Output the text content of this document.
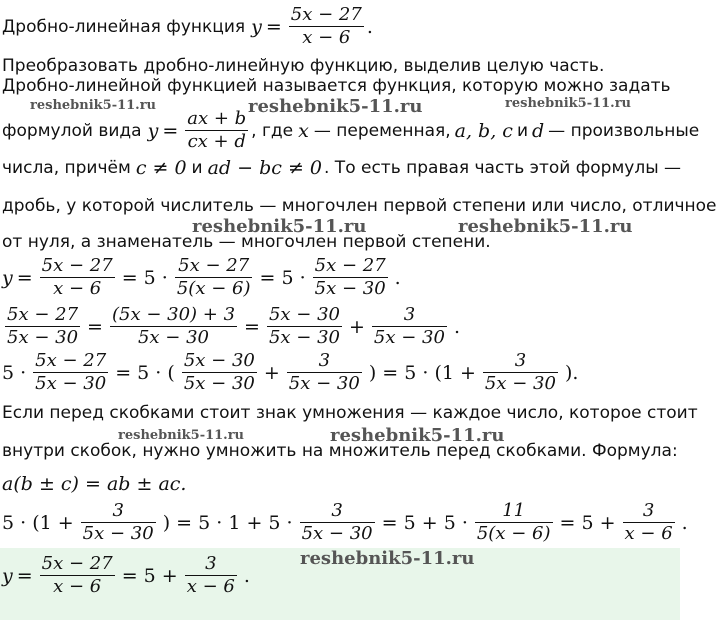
Дробно-линейная функция $y = \frac{5x - 27}{x - 6}$ .
Преобразовать дробно-линейную функцию, выделив целую часть.
Дробно-линейной функцией называется функция, которую можно задать
формулой вида $y = \frac{ax + b}{cx + d}$ , где x — переменная, a, b, c и d — произвольные
числа, причём c ≠ 0 и ad − bc ≠ 0 . То есть правая часть этой формулы —
дробь, у которой числитель — многочлен первой степени или число, отличное
от нуля, а знаменатель — многочлен первой степени.
$y = \frac{5x - 27}{x - 6} = 5 \cdot \frac{5x - 27}{5(x - 6)} = 5 \cdot \frac{5x - 27}{5x - 30}$ .
$\frac{5x - 27}{5x - 30} = \frac{(5x - 30) + 3}{5x - 30} = \frac{5x - 30}{5x - 30} + \frac{3}{5x - 30}$ .
$5 \cdot \frac{5x - 27}{5x - 30} = 5$ · ( $\frac{5x - 30}{5x - 30} + \frac{3}{5x - 30}$ ) = $5 \cdot (1 + \frac{3}{5x - 30}$ ).
Если перед скобками стоит знак умножения — каждое число, которое стоит
внутри скобок, нужно умножить на множитель перед скобками. Формула:
a(b ± c) = ab ± ac.
$5 \cdot (1 + \frac{3}{5x - 30}$ ) = $5 \cdot 1 + 5 \cdot \frac{3}{5x - 30} = 5 + 5 \cdot \frac{11}{5(x - 6)} = 5 + \frac{3}{x - 6}$ .
$y = \frac{5x - 27}{x - 6} = 5 + \frac{3}{x - 6}$ .
reshebnik5-11.ru	reshebnik5-11.ru	reshebnik5-11.ru
reshebnik5-11.ru	reshebnik5-11.ru
reshebnik5-11.ru	reshebnik5-11.ru
reshebnik5-11.ru
